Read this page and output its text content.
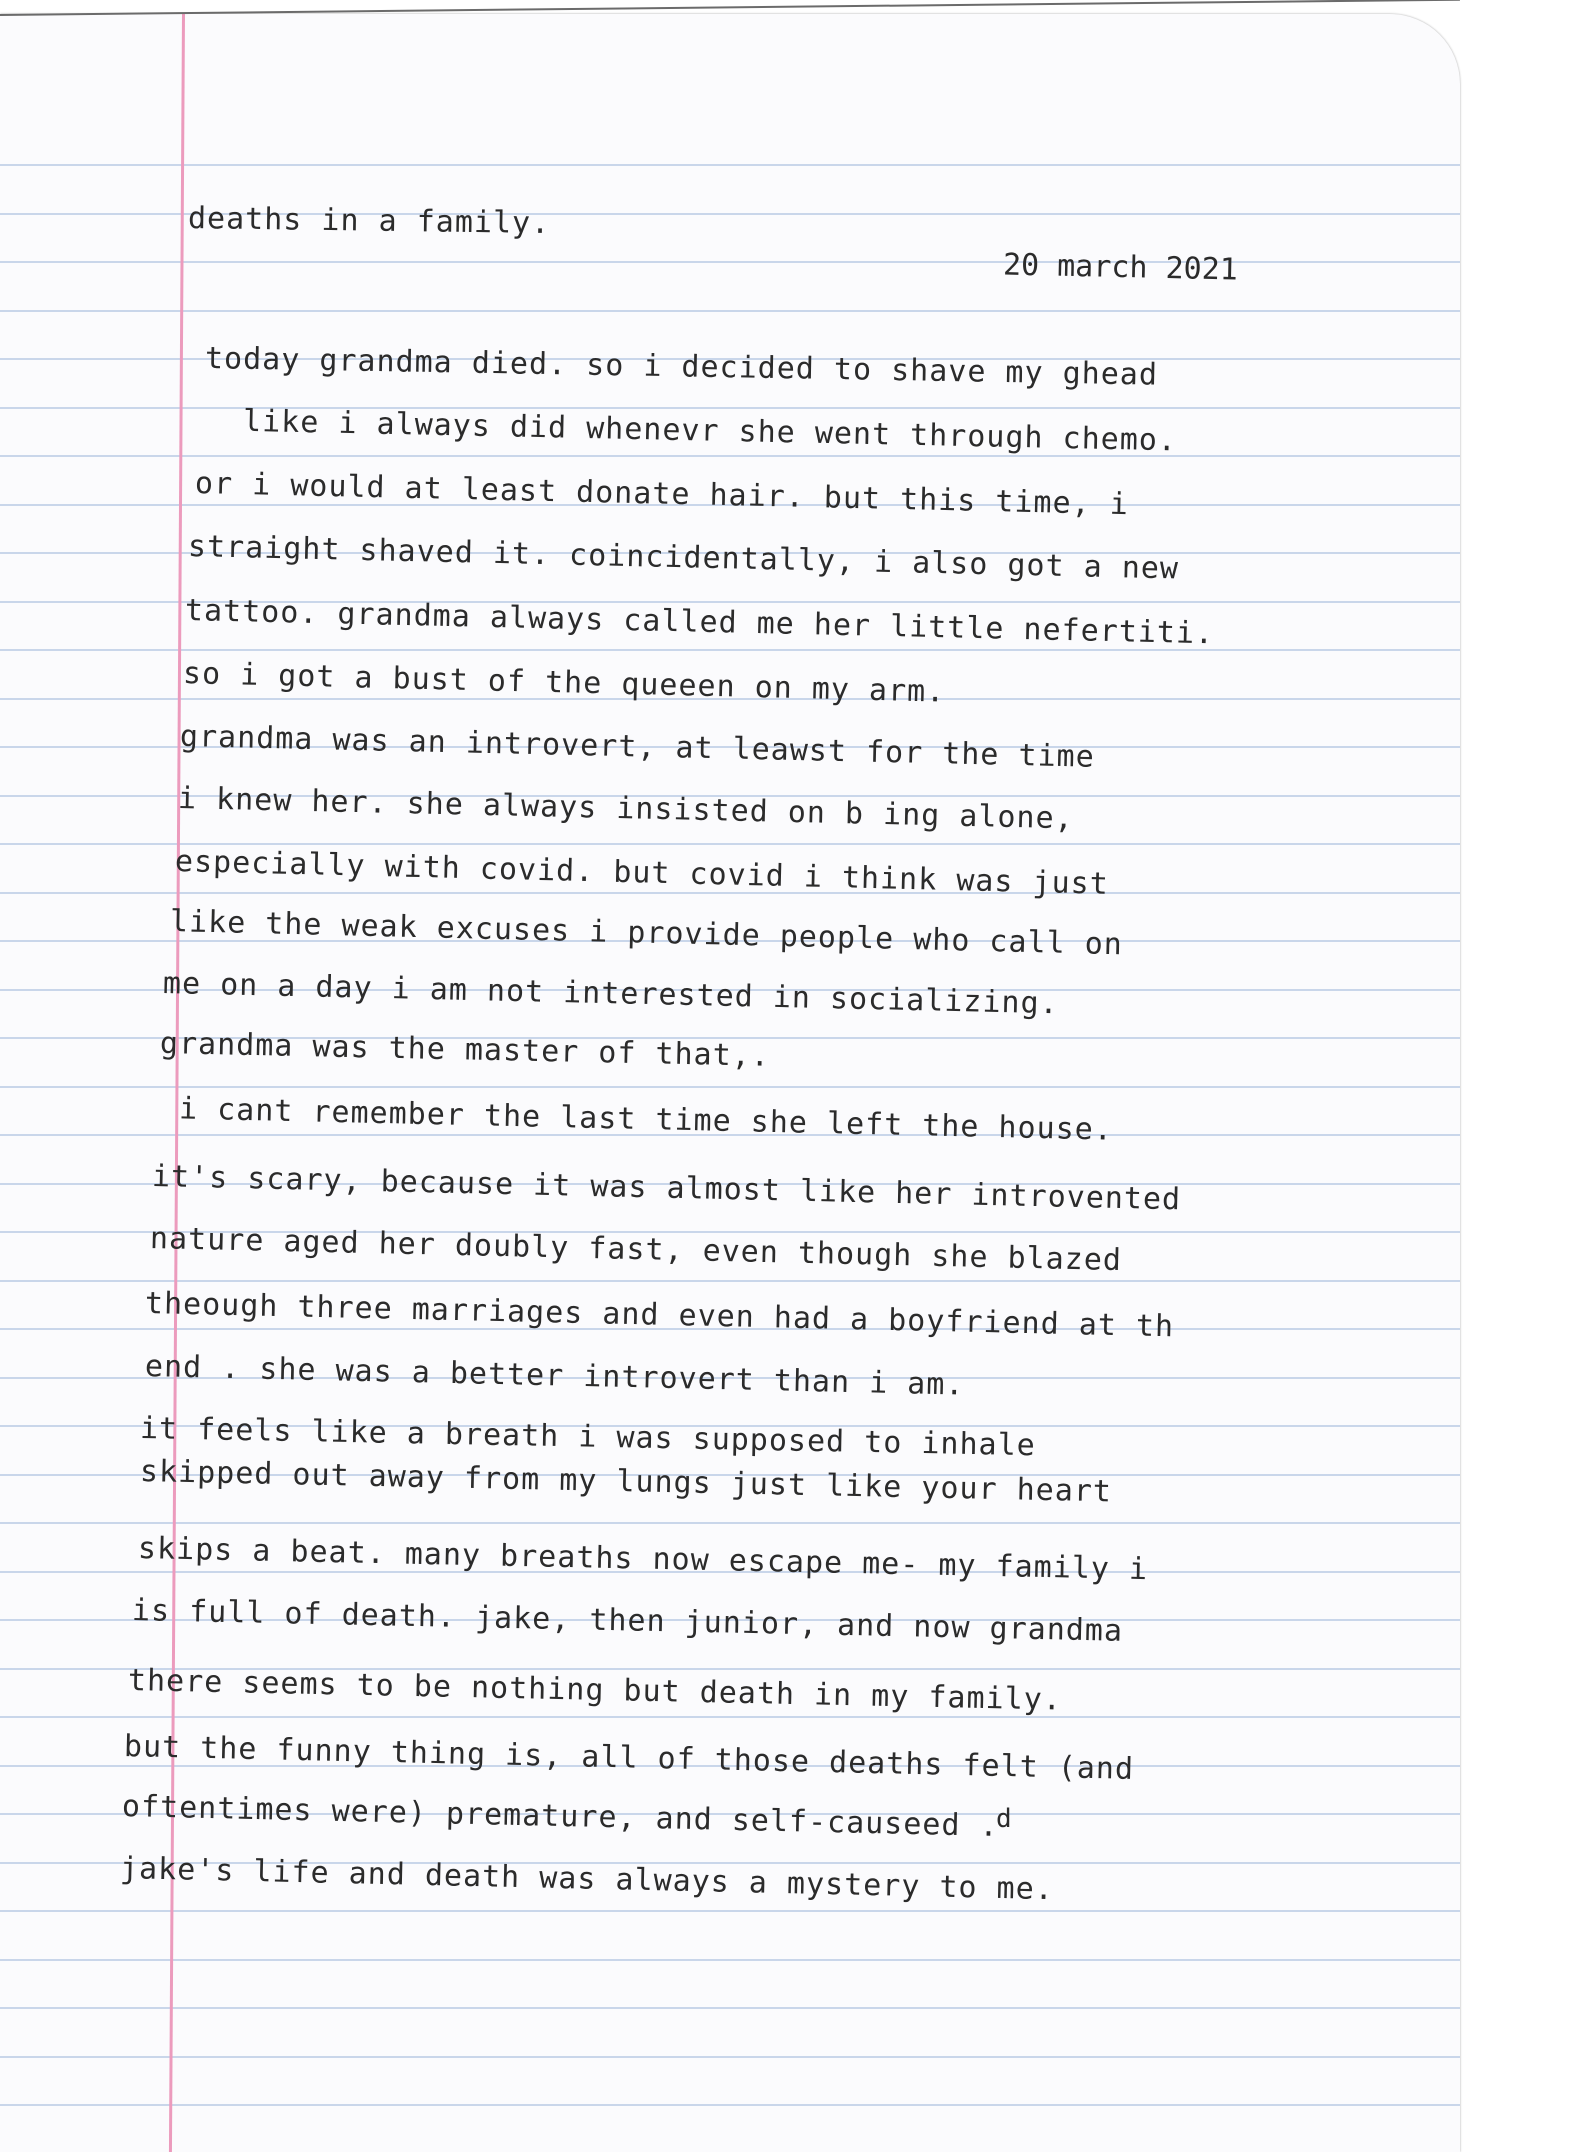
deaths in a family.

20 march 2021

today grandma died. so i decided to shave my ghead

like i always did whenevr she went through chemo.

or i would at least donate hair. but this time, i

straight shaved it. coincidentally, i also got a new

tattoo. grandma always called me her little nefertiti.

so i got a bust of the queeen on my arm.

grandma was an introvert, at leawst for the time

i knew her. she always insisted on b ing alone,

especially with covid. but covid i think was just

like the weak excuses i provide people who call on

me on a day i am not interested in socializing.

grandma was the master of that,.

i cant remember the last time she left the house.

it's scary, because it was almost like her introvented

nature aged her doubly fast, even though she blazed

theough three marriages and even had a boyfriend at th

end . she was a better introvert than i am.

it feels like a breath i was supposed to inhale

skipped out away from my lungs just like your heart

skips a beat. many breaths now escape me- my family i

is full of death. jake, then junior, and now grandma

there seems to be nothing but death in my family.

but the funny thing is, all of those deaths felt (and

oftentimes were) premature, and self-causeed .

jake's life and death was always a mystery to me.

d
